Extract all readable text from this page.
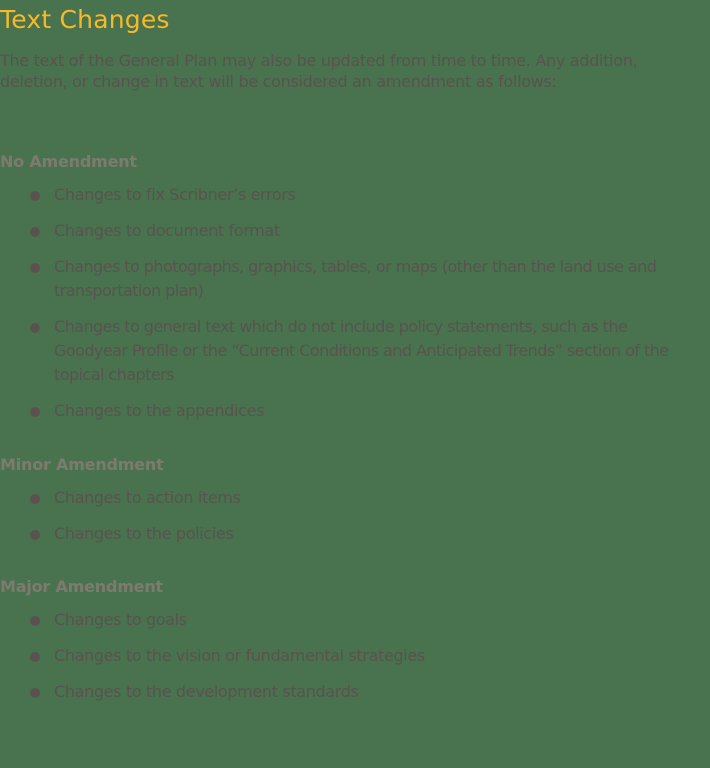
Text Changes

The text of the General Plan may also be updated from time to time. Any addition, deletion, or change in text will be considered an amendment as follows:

No Amendment
Changes to fix Scribner’s errors
Changes to document format
Changes to photographs, graphics, tables, or maps (other than the land use and transportation plan)
Changes to general text which do not include policy statements, such as the Goodyear Profile or the “Current Conditions and Anticipated Trends” section of the topical chapters
Changes to the appendices
Minor Amendment
Changes to action items
Changes to the policies
Major Amendment
Changes to goals
Changes to the vision or fundamental strategies
Changes to the development standards
